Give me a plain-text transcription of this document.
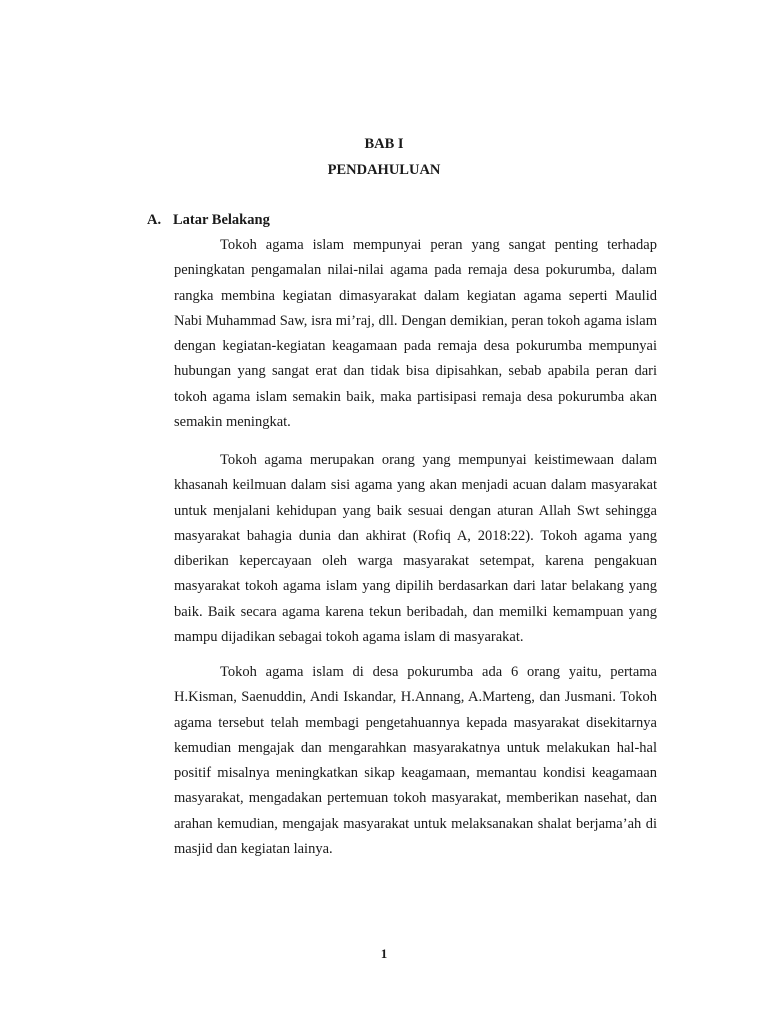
BAB I
PENDAHULUAN
A. Latar Belakang

Tokoh agama islam mempunyai peran yang sangat penting terhadap peningkatan pengamalan nilai-nilai agama pada remaja desa pokurumba, dalam rangka membina kegiatan dimasyarakat dalam kegiatan agama seperti Maulid Nabi Muhammad Saw, isra mi’raj, dll. Dengan demikian, peran tokoh agama islam dengan kegiatan-kegiatan keagamaan pada remaja desa pokurumba mempunyai hubungan yang sangat erat dan tidak bisa dipisahkan, sebab apabila peran dari tokoh agama islam semakin baik, maka partisipasi remaja desa pokurumba akan semakin meningkat.

Tokoh agama merupakan orang yang mempunyai keistimewaan dalam khasanah keilmuan dalam sisi agama yang akan menjadi acuan dalam masyarakat untuk menjalani kehidupan yang baik sesuai dengan aturan Allah Swt sehingga masyarakat bahagia dunia dan akhirat (Rofiq A, 2018:22). Tokoh agama yang diberikan kepercayaan oleh warga masyarakat setempat, karena pengakuan masyarakat tokoh agama islam yang dipilih berdasarkan dari latar belakang yang baik. Baik secara agama karena tekun beribadah, dan memilki kemampuan yang mampu dijadikan sebagai tokoh agama islam di masyarakat.

Tokoh agama islam di desa pokurumba ada 6 orang yaitu, pertama H.Kisman, Saenuddin, Andi Iskandar, H.Annang, A.Marteng, dan Jusmani. Tokoh agama tersebut telah membagi pengetahuannya kepada masyarakat disekitarnya kemudian mengajak dan mengarahkan masyarakatnya untuk melakukan hal-hal positif misalnya meningkatkan sikap keagamaan, memantau kondisi keagamaan masyarakat, mengadakan pertemuan tokoh masyarakat, memberikan nasehat, dan arahan kemudian, mengajak masyarakat untuk melaksanakan shalat berjama’ah di masjid dan kegiatan lainya.

1
